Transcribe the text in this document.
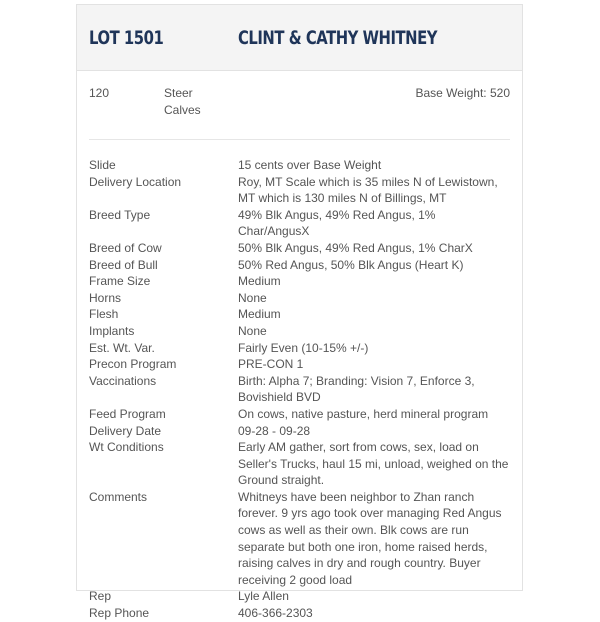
LOT 1501	CLINT & CATHY WHITNEY
120	Steer Calves
Base Weight: 520
Slide	15 cents over Base Weight
Delivery Location	Roy, MT Scale which is 35 miles N of Lewistown, MT which is 130 miles N of Billings, MT
Breed Type	49% Blk Angus, 49% Red Angus, 1% Char/AngusX
Breed of Cow	50% Blk Angus, 49% Red Angus, 1% CharX
Breed of Bull	50% Red Angus, 50% Blk Angus (Heart K)
Frame Size	Medium
Horns	None
Flesh	Medium
Implants	None
Est. Wt. Var.	Fairly Even (10-15% +/-)
Precon Program	PRE-CON 1
Vaccinations	Birth: Alpha 7; Branding: Vision 7, Enforce 3, Bovishield BVD
Feed Program	On cows, native pasture, herd mineral program
Delivery Date	09-28 - 09-28
Wt Conditions	Early AM gather, sort from cows, sex, load on Seller's Trucks, haul 15 mi, unload, weighed on the Ground straight.
Comments	Whitneys have been neighbor to Zhan ranch forever. 9 yrs ago took over managing Red Angus cows as well as their own. Blk cows are run separate but both one iron, home raised herds, raising calves in dry and rough country. Buyer receiving 2 good load
Rep	Lyle Allen
Rep Phone	406-366-2303
